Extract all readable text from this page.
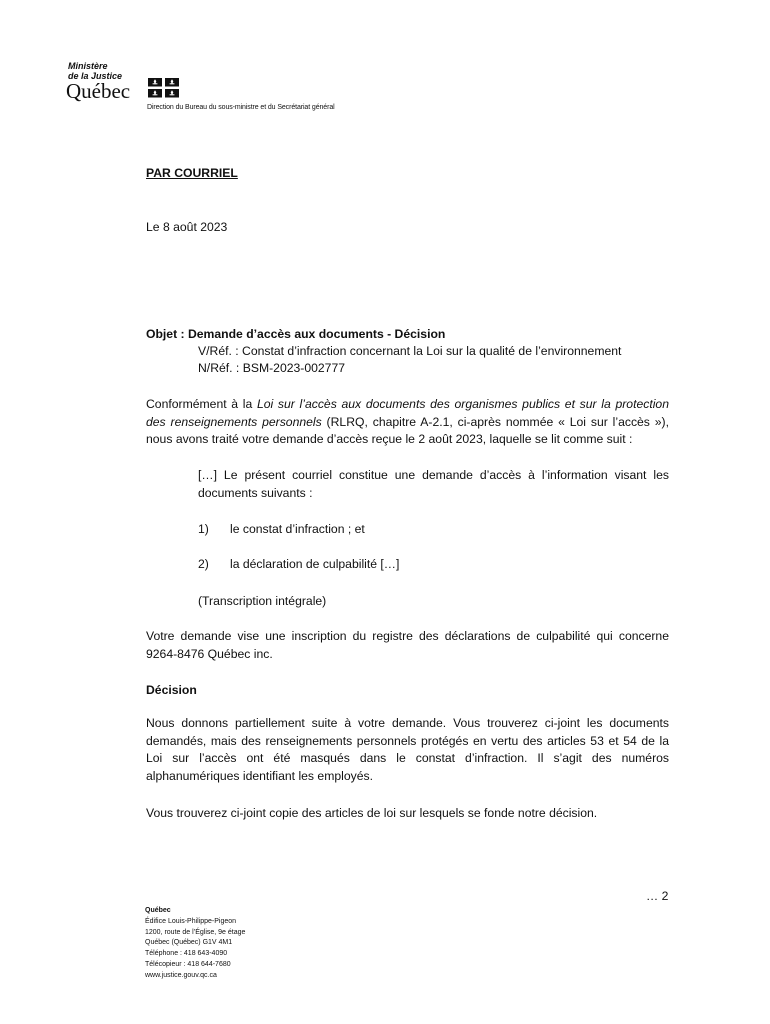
Ministère
de la Justice
Québec
Direction du Bureau du sous-ministre et du Secrétariat général
PAR COURRIEL
Le 8 août 2023
Objet : Demande d’accès aux documents - Décision
V/Réf. : Constat d’infraction concernant la Loi sur la qualité de l’environnement
N/Réf. : BSM-2023-002777
Conformément à la Loi sur l’accès aux documents des organismes publics et sur la protection des renseignements personnels (RLRQ, chapitre A-2.1, ci-après nommée « Loi sur l’accès »), nous avons traité votre demande d’accès reçue le 2 août 2023, laquelle se lit comme suit :
[…] Le présent courriel constitue une demande d’accès à l’information visant les documents suivants :
1) le constat d’infraction ; et
2) la déclaration de culpabilité […]
(Transcription intégrale)
Votre demande vise une inscription du registre des déclarations de culpabilité qui concerne 9264-8476 Québec inc.
Décision
Nous donnons partiellement suite à votre demande. Vous trouverez ci-joint les documents demandés, mais des renseignements personnels protégés en vertu des articles 53 et 54 de la Loi sur l’accès ont été masqués dans le constat d’infraction. Il s’agit des numéros alphanumériques identifiant les employés.
Vous trouverez ci-joint copie des articles de loi sur lesquels se fonde notre décision.
… 2
Québec
Édifice Louis-Philippe-Pigeon
1200, route de l’Église, 9e étage
Québec (Québec) G1V 4M1
Téléphone : 418 643-4090
Télécopieur : 418 644-7680
www.justice.gouv.qc.ca
